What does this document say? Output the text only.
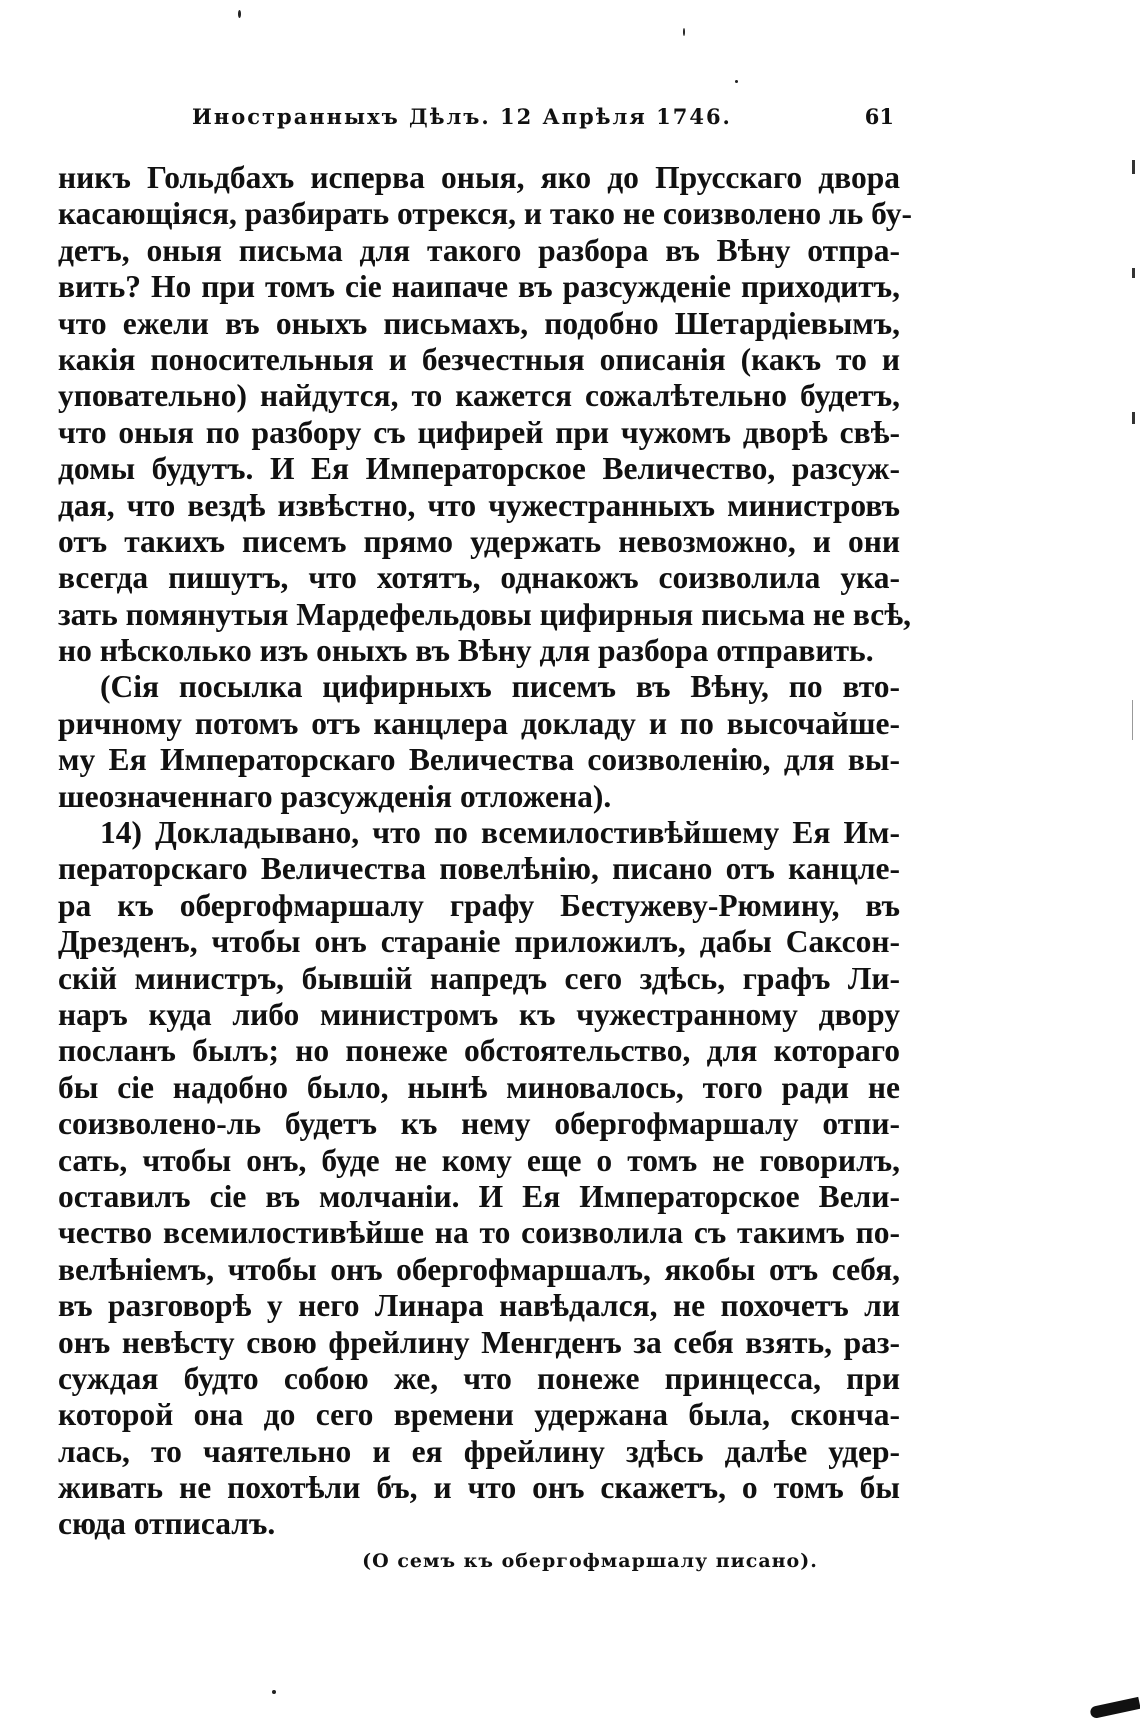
Иностранныхъ Дѣлъ. 12 Апрѣля 1746.	61
никъ Гольдбахъ исперва оныя, яко до Прусскаго двора
касающіяся, разбирать отрекся, и тако не соизволено ль бу-
детъ, оныя письма для такого разбора въ Вѣну отпра-
вить? Но при томъ сіе наипаче въ разсужденіе приходитъ,
что ежели въ оныхъ письмахъ, подобно Шетардіевымъ,
какія поносительныя и безчестныя описанія (какъ то и
уповательно) найдутся, то кажется сожалѣтельно будетъ,
что оныя по разбору съ цифирей при чужомъ дворѣ свѣ-
домы будутъ. И Ея Императорское Величество, разсуж-
дая, что вездѣ извѣстно, что чужестранныхъ министровъ
отъ такихъ писемъ прямо удержать невозможно, и они
всегда пишутъ, что хотятъ, однакожъ соизволила ука-
зать помянутыя Мардефельдовы цифирныя письма не всѣ,
но нѣсколько изъ оныхъ въ Вѣну для разбора отправить.
(Сія посылка цифирныхъ писемъ въ Вѣну, по вто-
ричному потомъ отъ канцлера докладу и по высочайше-
му Ея Императорскаго Величества соизволенію, для вы-
шеозначеннаго разсужденія отложена).
14) Докладывано, что по всемилостивѣйшему Ея Им-
ператорскаго Величества повелѣнію, писано отъ канцле-
ра къ обергофмаршалу графу Бестужеву-Рюмину, въ
Дрезденъ, чтобы онъ стараніе приложилъ, дабы Саксон-
скій министръ, бывшій напредъ сего здѣсь, графъ Ли-
наръ куда либо министромъ къ чужестранному двору
посланъ былъ; но понеже обстоятельство, для котораго
бы сіе надобно было, нынѣ миновалось, того ради не
соизволено-ль будетъ къ нему обергофмаршалу отпи-
сать, чтобы онъ, буде не кому еще о томъ не говорилъ,
оставилъ сіе въ молчаніи. И Ея Императорское Вели-
чество всемилостивѣйше на то соизволила съ такимъ по-
велѣніемъ, чтобы онъ обергофмаршалъ, якобы отъ себя,
въ разговорѣ у него Линара навѣдался, не похочетъ ли
онъ невѣсту свою фрейлину Менгденъ за себя взять, раз-
суждая будто собою же, что понеже принцесса, при
которой она до сего времени удержана была, сконча-
лась, то чаятельно и ея фрейлину здѣсь далѣе удер-
живать не похотѣли бъ, и что онъ скажетъ, о томъ бы
сюда отписалъ.
(О семъ къ обергофмаршалу писано).
